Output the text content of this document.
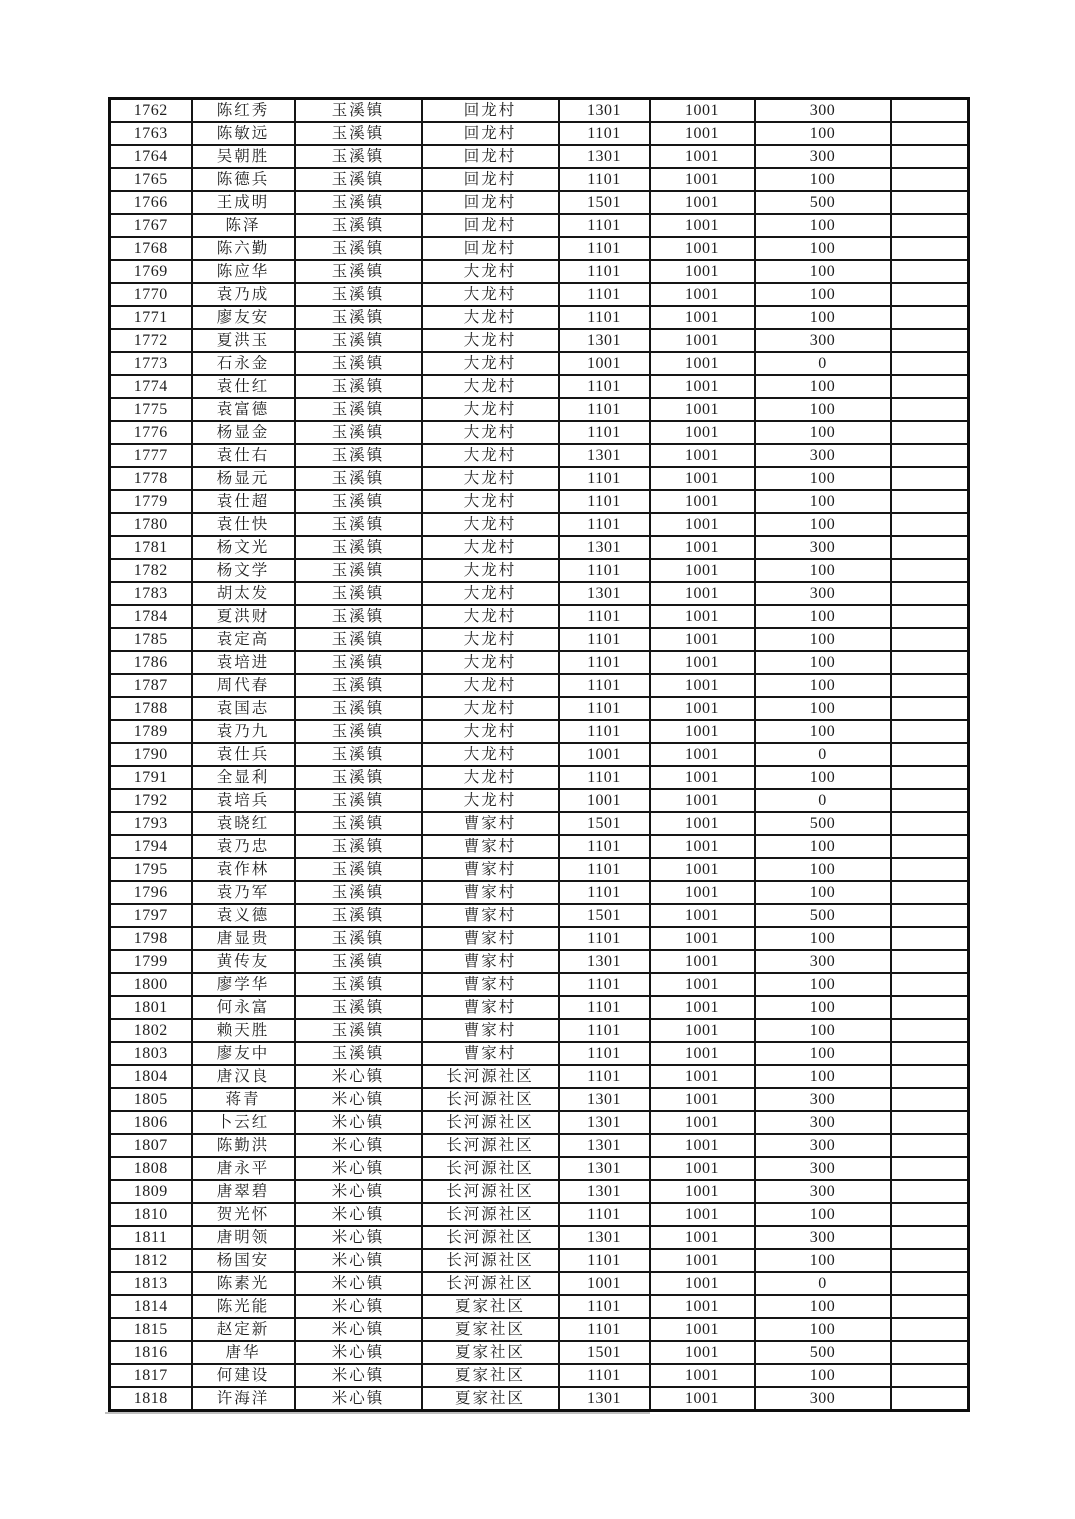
1762	陈红秀	玉溪镇	回龙村	1301	1001	300	
1763	陈敏远	玉溪镇	回龙村	1101	1001	100	
1764	吴朝胜	玉溪镇	回龙村	1301	1001	300	
1765	陈德兵	玉溪镇	回龙村	1101	1001	100	
1766	王成明	玉溪镇	回龙村	1501	1001	500	
1767	陈泽	玉溪镇	回龙村	1101	1001	100	
1768	陈六勤	玉溪镇	回龙村	1101	1001	100	
1769	陈应华	玉溪镇	大龙村	1101	1001	100	
1770	袁乃成	玉溪镇	大龙村	1101	1001	100	
1771	廖友安	玉溪镇	大龙村	1101	1001	100	
1772	夏洪玉	玉溪镇	大龙村	1301	1001	300	
1773	石永金	玉溪镇	大龙村	1001	1001	0	
1774	袁仕红	玉溪镇	大龙村	1101	1001	100	
1775	袁富德	玉溪镇	大龙村	1101	1001	100	
1776	杨显金	玉溪镇	大龙村	1101	1001	100	
1777	袁仕右	玉溪镇	大龙村	1301	1001	300	
1778	杨显元	玉溪镇	大龙村	1101	1001	100	
1779	袁仕超	玉溪镇	大龙村	1101	1001	100	
1780	袁仕快	玉溪镇	大龙村	1101	1001	100	
1781	杨文光	玉溪镇	大龙村	1301	1001	300	
1782	杨文学	玉溪镇	大龙村	1101	1001	100	
1783	胡太发	玉溪镇	大龙村	1301	1001	300	
1784	夏洪财	玉溪镇	大龙村	1101	1001	100	
1785	袁定高	玉溪镇	大龙村	1101	1001	100	
1786	袁培进	玉溪镇	大龙村	1101	1001	100	
1787	周代春	玉溪镇	大龙村	1101	1001	100	
1788	袁国志	玉溪镇	大龙村	1101	1001	100	
1789	袁乃九	玉溪镇	大龙村	1101	1001	100	
1790	袁仕兵	玉溪镇	大龙村	1001	1001	0	
1791	全显利	玉溪镇	大龙村	1101	1001	100	
1792	袁培兵	玉溪镇	大龙村	1001	1001	0	
1793	袁晓红	玉溪镇	曹家村	1501	1001	500	
1794	袁乃忠	玉溪镇	曹家村	1101	1001	100	
1795	袁作林	玉溪镇	曹家村	1101	1001	100	
1796	袁乃军	玉溪镇	曹家村	1101	1001	100	
1797	袁义德	玉溪镇	曹家村	1501	1001	500	
1798	唐显贵	玉溪镇	曹家村	1101	1001	100	
1799	黄传友	玉溪镇	曹家村	1301	1001	300	
1800	廖学华	玉溪镇	曹家村	1101	1001	100	
1801	何永富	玉溪镇	曹家村	1101	1001	100	
1802	赖天胜	玉溪镇	曹家村	1101	1001	100	
1803	廖友中	玉溪镇	曹家村	1101	1001	100	
1804	唐汉良	米心镇	长河源社区	1101	1001	100	
1805	蒋青	米心镇	长河源社区	1301	1001	300	
1806	卜云红	米心镇	长河源社区	1301	1001	300	
1807	陈勤洪	米心镇	长河源社区	1301	1001	300	
1808	唐永平	米心镇	长河源社区	1301	1001	300	
1809	唐翠碧	米心镇	长河源社区	1301	1001	300	
1810	贺光怀	米心镇	长河源社区	1101	1001	100	
1811	唐明领	米心镇	长河源社区	1301	1001	300	
1812	杨国安	米心镇	长河源社区	1101	1001	100	
1813	陈素光	米心镇	长河源社区	1001	1001	0	
1814	陈光能	米心镇	夏家社区	1101	1001	100	
1815	赵定新	米心镇	夏家社区	1101	1001	100	
1816	唐华	米心镇	夏家社区	1501	1001	500	
1817	何建设	米心镇	夏家社区	1101	1001	100	
1818	许海洋	米心镇	夏家社区	1301	1001	300	
